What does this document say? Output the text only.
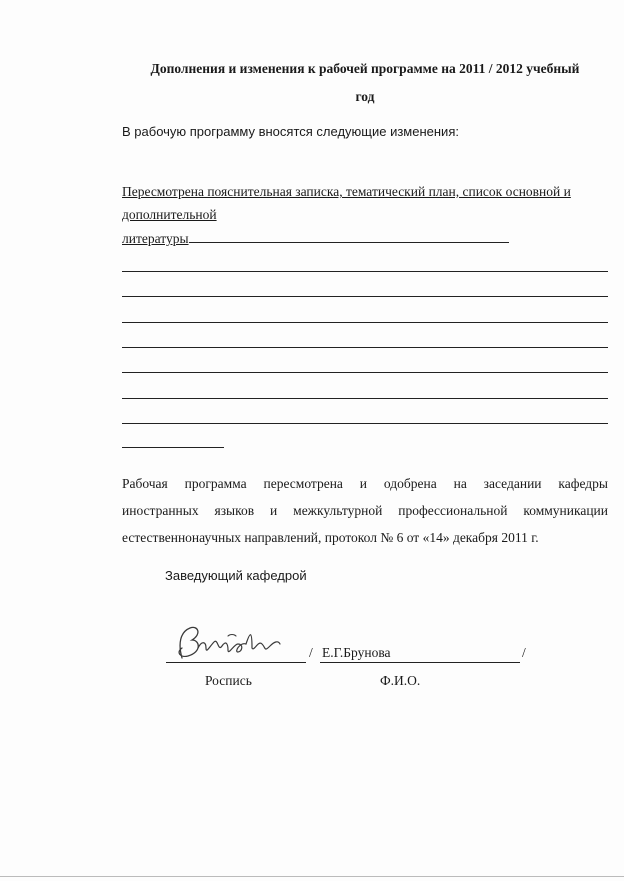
Дополнения и изменения к рабочей программе на 2011 / 2012 учебный
год
В рабочую программу вносятся следующие изменения:
Пересмотрена пояснительная записка, тематический план, список основной и
дополнительной
литературы
Рабочая программа пересмотрена и одобрена на заседании кафедры
иностранных языков и межкультурной профессиональной коммуникации
естественнонаучных направлений, протокол № 6 от «14» декабря 2011 г.
Заведующий кафедрой
/ Е.Г.Брунова	/
Роспись	Ф.И.О.
